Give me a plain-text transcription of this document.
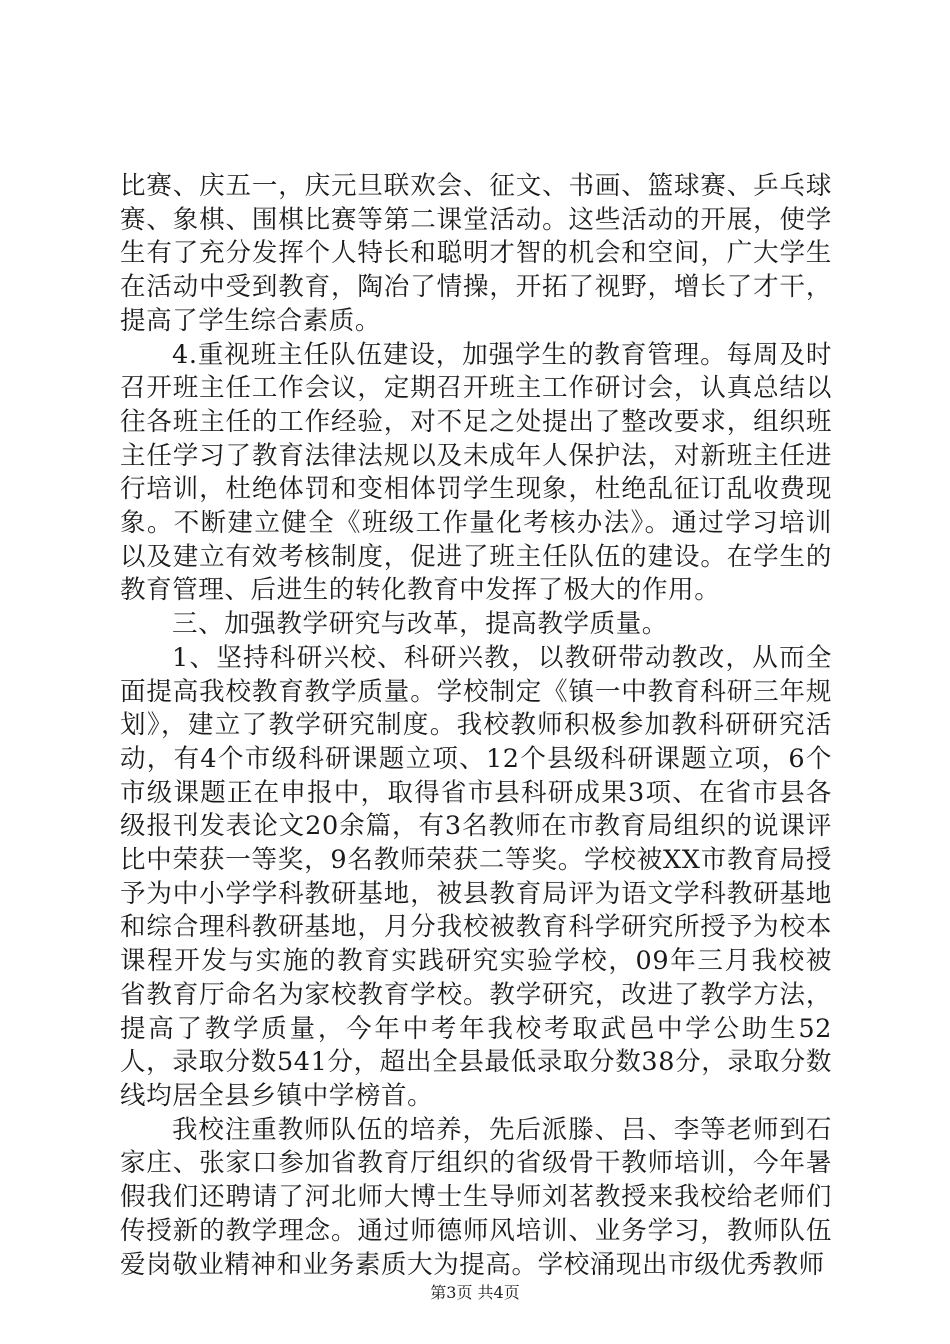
比赛、庆五一，庆元旦联欢会、征文、书画、篮球赛、乒乓球赛、象棋、围棋比赛等第二课堂活动。这些活动的开展，使学生有了充分发挥个人特长和聪明才智的机会和空间，广大学生在活动中受到教育，陶冶了情操，开拓了视野，增长了才干，提高了学生综合素质。

4.重视班主任队伍建设，加强学生的教育管理。每周及时召开班主任工作会议，定期召开班主工作研讨会，认真总结以往各班主任的工作经验，对不足之处提出了整改要求，组织班主任学习了教育法律法规以及未成年人保护法，对新班主任进行培训，杜绝体罚和变相体罚学生现象，杜绝乱征订乱收费现象。不断建立健全《班级工作量化考核办法》。通过学习培训以及建立有效考核制度，促进了班主任队伍的建设。在学生的教育管理、后进生的转化教育中发挥了极大的作用。

三、加强教学研究与改革，提高教学质量。

1、坚持科研兴校、科研兴教，以教研带动教改，从而全面提高我校教育教学质量。学校制定《镇一中教育科研三年规划》，建立了教学研究制度。我校教师积极参加教科研研究活动，有4个市级科研课题立项、12个县级科研课题立项，6个市级课题正在申报中，取得省市县科研成果3项、在省市县各级报刊发表论文20余篇，有3名教师在市教育局组织的说课评比中荣获一等奖，9名教师荣获二等奖。学校被XX市教育局授予为中小学学科教研基地，被县教育局评为语文学科教研基地和综合理科教研基地，月分我校被教育科学研究所授予为校本课程开发与实施的教育实践研究实验学校，09年三月我校被省教育厅命名为家校教育学校。教学研究，改进了教学方法，提高了教学质量，今年中考年我校考取武邑中学公助生52人，录取分数541分，超出全县最低录取分数38分，录取分数线均居全县乡镇中学榜首。

我校注重教师队伍的培养，先后派滕、吕、李等老师到石家庄、张家口参加省教育厅组织的省级骨干教师培训，今年暑假我们还聘请了河北师大博士生导师刘茗教授来我校给老师们传授新的教学理念。通过师德师风培训、业务学习，教师队伍爱岗敬业精神和业务素质大为提高。学校涌现出市级优秀教师

第3页 共4页
